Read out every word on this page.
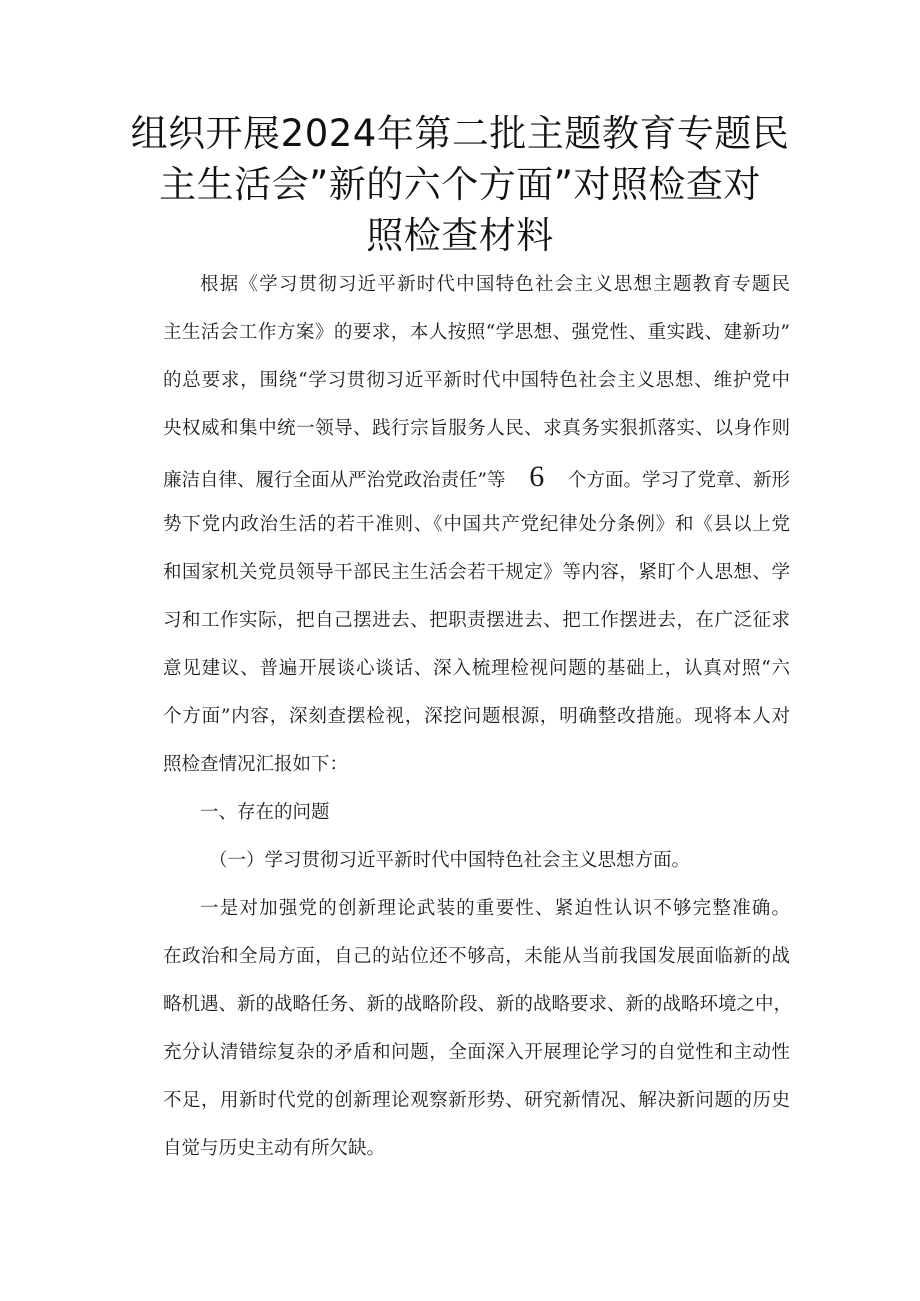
组织开展2024年第二批主题教育专题民
主生活会”新的六个方面”对照检查对
照检查材料
根据《学习贯彻习近平新时代中国特色社会主义思想主题教育专题民
主生活会工作方案》的要求，本人按照“学思想、强党性、重实践、建新功”
的总要求，围绕“学习贯彻习近平新时代中国特色社会主义思想、维护党中
央权威和集中统一领导、践行宗旨服务人民、求真务实狠抓落实、以身作则
廉洁自律、履行全面从严治党政治责任”等 6 个方面。学习了党章、新形
势下党内政治生活的若干准则、《中国共产党纪律处分条例》和《县以上党
和国家机关党员领导干部民主生活会若干规定》等内容，紧盯个人思想、学
习和工作实际，把自己摆进去、把职责摆进去、把工作摆进去，在广泛征求
意见建议、普遍开展谈心谈话、深入梳理检视问题的基础上，认真对照“六
个方面”内容，深刻查摆检视，深挖问题根源，明确整改措施。现将本人对
照检查情况汇报如下：
一、存在的问题
（一）学习贯彻习近平新时代中国特色社会主义思想方面。
一是对加强党的创新理论武装的重要性、紧迫性认识不够完整准确。
在政治和全局方面，自己的站位还不够高，未能从当前我国发展面临新的战
略机遇、新的战略任务、新的战略阶段、新的战略要求、新的战略环境之中，
充分认清错综复杂的矛盾和问题，全面深入开展理论学习的自觉性和主动性
不足，用新时代党的创新理论观察新形势、研究新情况、解决新问题的历史
自觉与历史主动有所欠缺。
